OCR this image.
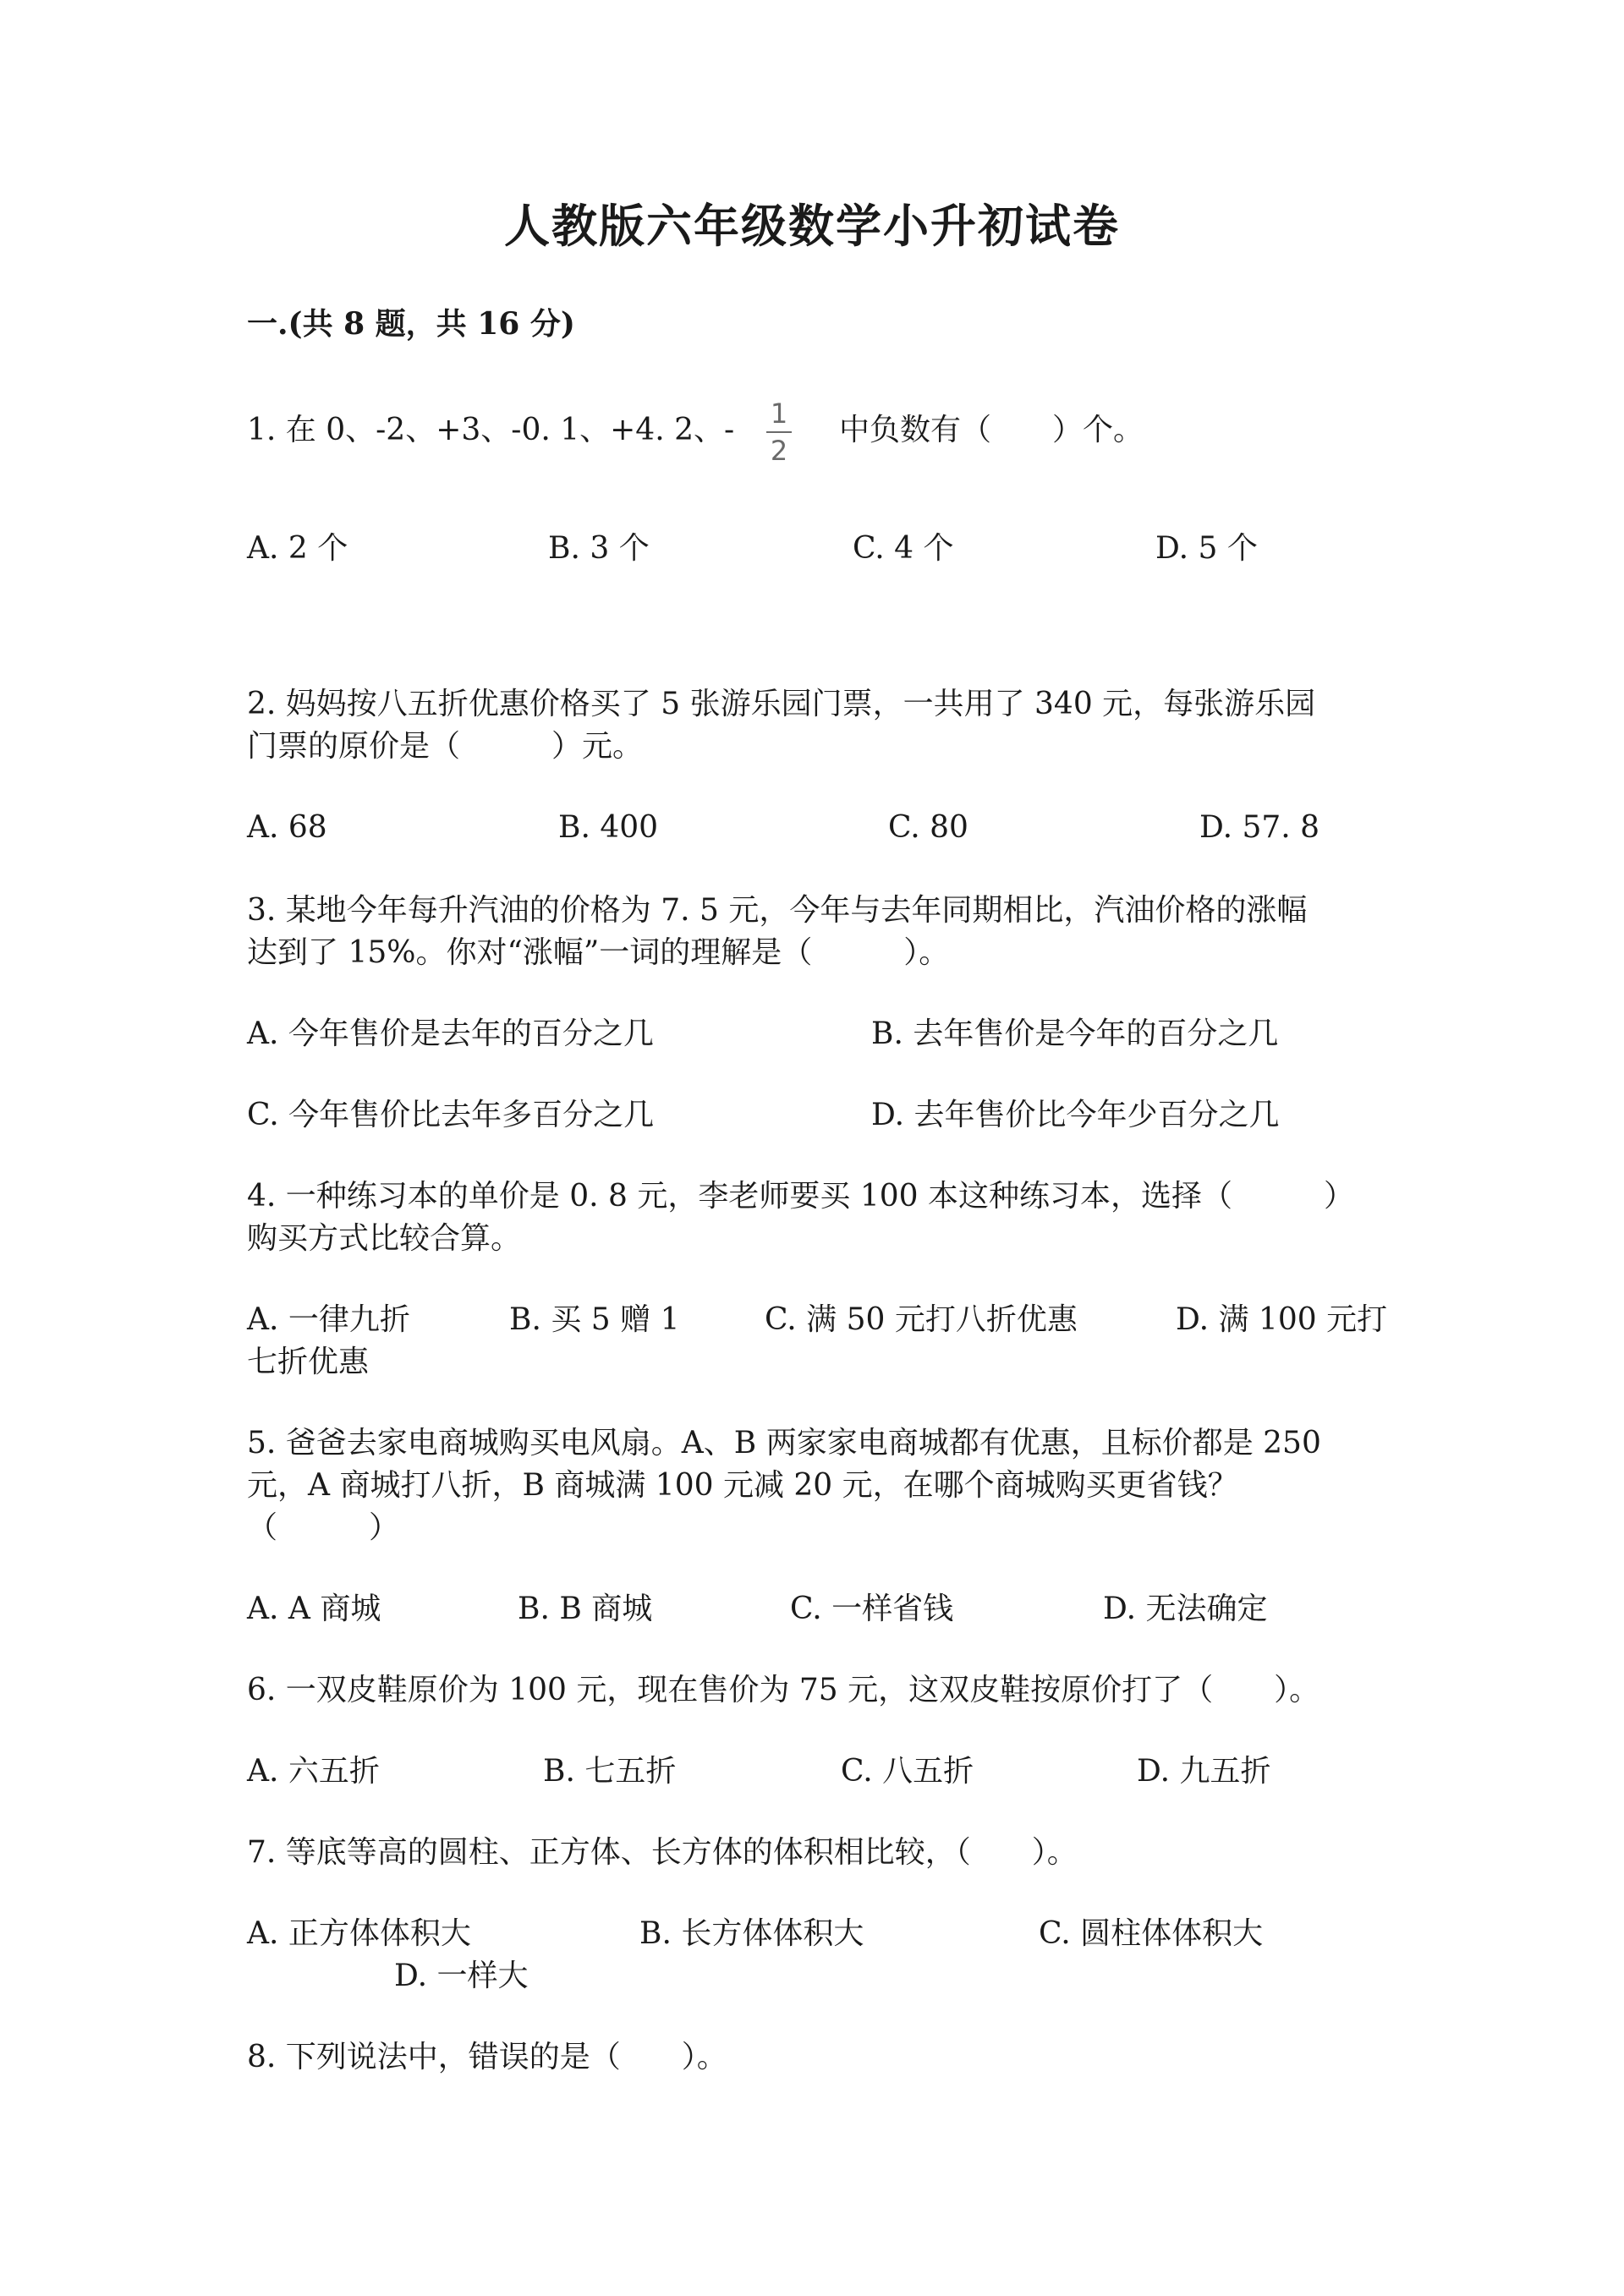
人教版六年级数学小升初试卷
一.(共 8 题，共 16 分)
1. 在 0、-2、+3、-0. 1、+4. 2、- 1
2
中负数有（　　）个。
A. 2 个	B. 3 个	C. 4 个	D. 5 个
2. 妈妈按八五折优惠价格买了 5 张游乐园门票，一共用了 340 元，每张游乐园
门票的原价是（　　　）元。
A. 68	B. 400	C. 80	D. 57. 8
3. 某地今年每升汽油的价格为 7. 5 元，今年与去年同期相比，汽油价格的涨幅
达到了 15%。你对“涨幅”一词的理解是（　　　）。
A. 今年售价是去年的百分之几	B. 去年售价是今年的百分之几
C. 今年售价比去年多百分之几	D. 去年售价比今年少百分之几
4. 一种练习本的单价是 0. 8 元，李老师要买 100 本这种练习本，选择（　　　）
购买方式比较合算。
A. 一律九折	B. 买 5 赠 1	C. 满 50 元打八折优惠	D. 满 100 元打
七折优惠
5. 爸爸去家电商城购买电风扇。A、B 两家家电商城都有优惠，且标价都是 250
元，A 商城打八折，B 商城满 100 元减 20 元，在哪个商城购买更省钱？
（　　　）
A. A 商城	B. B 商城	C. 一样省钱	D. 无法确定
6. 一双皮鞋原价为 100 元，现在售价为 75 元，这双皮鞋按原价打了（　　）。
A. 六五折	B. 七五折	C. 八五折	D. 九五折
7. 等底等高的圆柱、正方体、长方体的体积相比较，（　　）。
A. 正方体体积大	B. 长方体体积大	C. 圆柱体体积大
D. 一样大
8. 下列说法中，错误的是（　　）。
